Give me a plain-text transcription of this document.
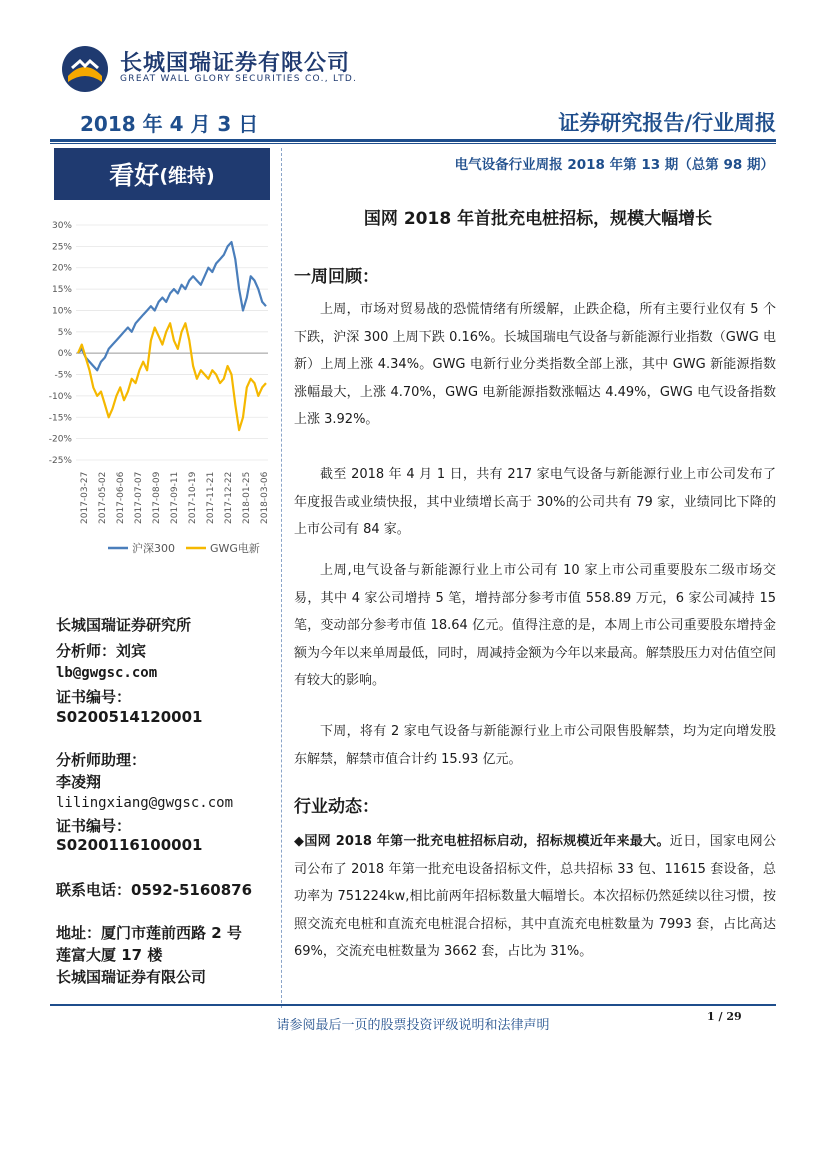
长城国瑞证券有限公司
GREAT WALL GLORY SECURITIES CO., LTD.
2018 年 4 月 3 日	证券研究报告/行业周报
看好 (维持)	电气设备行业周报 2018 年第 13 期（总第 98 期）
30%
25%
20%
15%
10%
5%
0%
-5%
-10%
-15%
-20%
-25%
2017-03-27 2017-05-02 2017-06-06 2017-07-07 2017-08-09 2017-09-11 2017-10-19 2017-11-21 2017-12-22 2018-01-25 2018-03-06
沪深300	GWG电新
长城国瑞证券研究所
分析师：刘宾
lb@gwgsc.com
证书编号：
S0200514120001
分析师助理：
李凌翔
lilingxiang@gwgsc.com
证书编号：
S0200116100001
联系电话：0592-5160876
地址：厦门市莲前西路 2 号
莲富大厦 17 楼
长城国瑞证券有限公司
国网 2018 年首批充电桩招标，规模大幅增长
一周回顾：

上周，市场对贸易战的恐慌情绪有所缓解，止跌企稳，所有主要行业仅有 5 个下跌，沪深 300 上周下跌 0.16%。长城国瑞电气设备与新能源行业指数（GWG 电新）上周上涨 4.34%。GWG 电新行业分类指数全部上涨，其中 GWG 新能源指数涨幅最大，上涨 4.70%，GWG 电新能源指数涨幅达 4.49%，GWG 电气设备指数上涨 3.92%。

截至 2018 年 4 月 1 日，共有 217 家电气设备与新能源行业上市公司发布了年度报告或业绩快报，其中业绩增长高于 30%的公司共有 79 家，业绩同比下降的上市公司有 84 家。

上周,电气设备与新能源行业上市公司有 10 家上市公司重要股东二级市场交易，其中 4 家公司增持 5 笔，增持部分参考市值 558.89 万元，6 家公司减持 15 笔，变动部分参考市值 18.64 亿元。值得注意的是，本周上市公司重要股东增持金额为今年以来单周最低，同时，周减持金额为今年以来最高。解禁股压力对估值空间有较大的影响。

下周，将有 2 家电气设备与新能源行业上市公司限售股解禁，均为定向增发股东解禁，解禁市值合计约 15.93 亿元。

行业动态：

◆国网 2018 年第一批充电桩招标启动，招标规模近年来最大。近日，国家电网公司公布了 2018 年第一批充电设备招标文件，总共招标 33 包、11615 套设备，总功率为 751224kw,相比前两年招标数量大幅增长。本次招标仍然延续以往习惯，按照交流充电桩和直流充电桩混合招标，其中直流充电桩数量为 7993 套，占比高达 69%，交流充电桩数量为 3662 套，占比为 31%。

请参阅最后一页的股票投资评级说明和法律声明
1 / 29
